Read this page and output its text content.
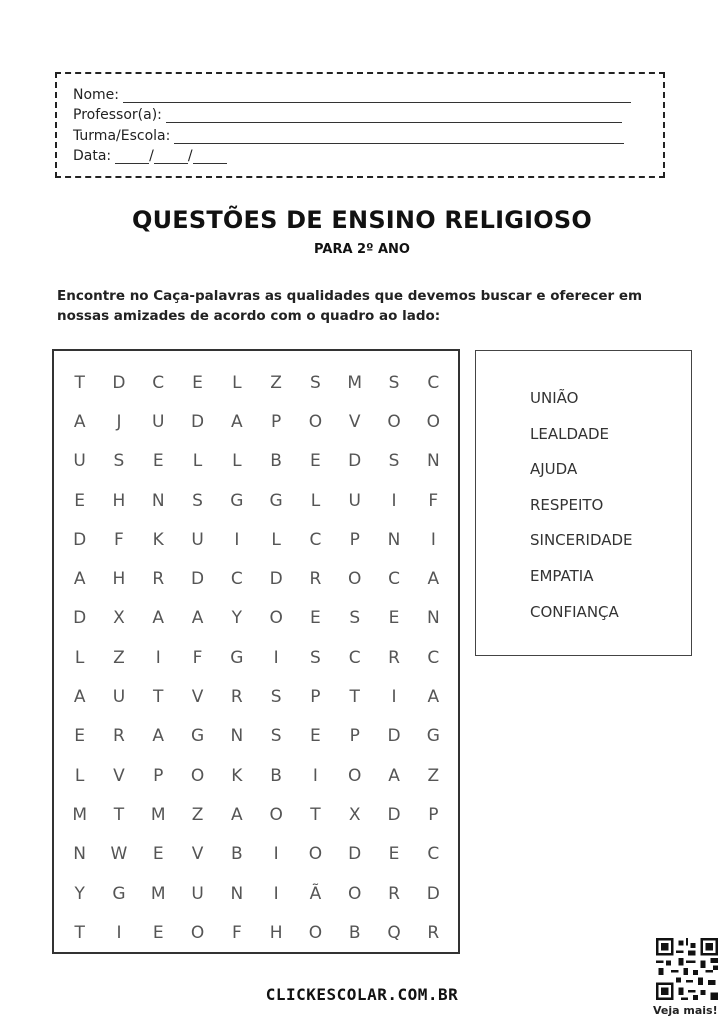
Nome:
Professor(a):
Turma/Escola:
Data:	/ /
QUESTÕES DE ENSINO RELIGIOSO
PARA 2º ANO
Encontre no Caça-palavras as qualidades que devemos buscar e oferecer em nossas amizades de acordo com o quadro ao lado:
T	D	C	E	L	Z	S	M	S	C
A	J	U	D	A	P	O	V	O	O
U	S	E	L	L	B	E	D	S	N
E	H	N	S	G	G	L	U	I	F
D	F	K	U	I	L	C	P	N	I
A	H	R	D	C	D	R	O	C	A
D	X	A	A	Y	O	E	S	E	N
L	Z	I	F	G	I	S	C	R	C
A	U	T	V	R	S	P	T	I	A
E	R	A	G	N	S	E	P	D	G
L	V	P	O	K	B	I	O	A	Z
M	T	M	Z	A	O	T	X	D	P
N	W	E	V	B	I	O	D	E	C
Y	G	M	U	N	I	Ã	O	R	D
T	I	E	O	F	H	O	B	Q	R
UNIÃO
LEALDADE
AJUDA
RESPEITO
SINCERIDADE
EMPATIA
CONFIANÇA
CLICKESCOLAR.COM.BR
Veja mais!
